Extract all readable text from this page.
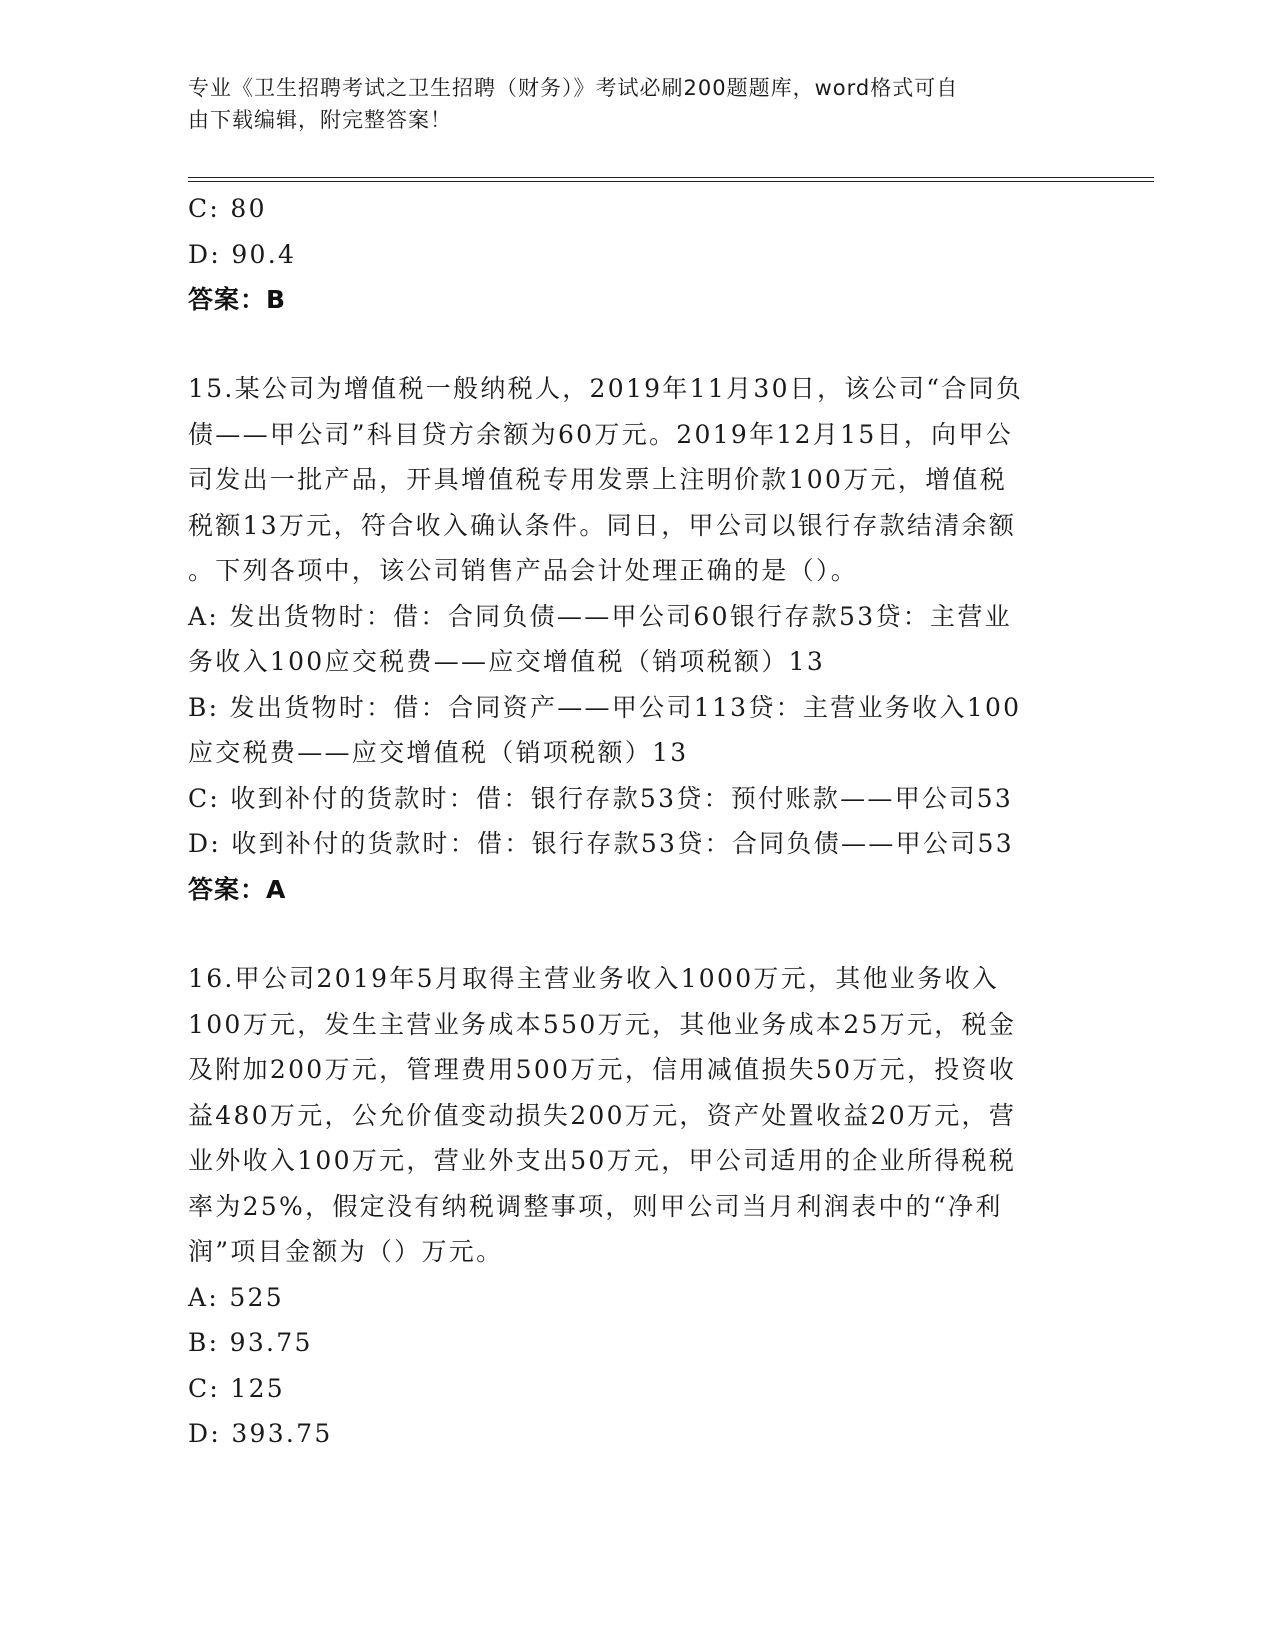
专业《卫生招聘考试之卫生招聘（财务）》考试必刷200题题库，word格式可自
由下载编辑，附完整答案！
C: 80
D: 90.4
答案：B
15.某公司为增值税一般纳税人，2019年11月30日，该公司“合同负
债——甲公司”科目贷方余额为60万元。2019年12月15日，向甲公
司发出一批产品，开具增值税专用发票上注明价款100万元，增值税
税额13万元，符合收入确认条件。同日，甲公司以银行存款结清余额
。下列各项中，该公司销售产品会计处理正确的是（）。
A: 发出货物时：借：合同负债——甲公司60银行存款53贷：主营业
务收入100应交税费——应交增值税（销项税额）13
B: 发出货物时：借：合同资产——甲公司113贷：主营业务收入100
应交税费——应交增值税（销项税额）13
C: 收到补付的货款时：借：银行存款53贷：预付账款——甲公司53
D: 收到补付的货款时：借：银行存款53贷：合同负债——甲公司53
答案：A
16.甲公司2019年5月取得主营业务收入1000万元，其他业务收入
100万元，发生主营业务成本550万元，其他业务成本25万元，税金
及附加200万元，管理费用500万元，信用减值损失50万元，投资收
益480万元，公允价值变动损失200万元，资产处置收益20万元，营
业外收入100万元，营业外支出50万元，甲公司适用的企业所得税税
率为25%，假定没有纳税调整事项，则甲公司当月利润表中的“净利
润”项目金额为（）万元。
A: 525
B: 93.75
C: 125
D: 393.75
